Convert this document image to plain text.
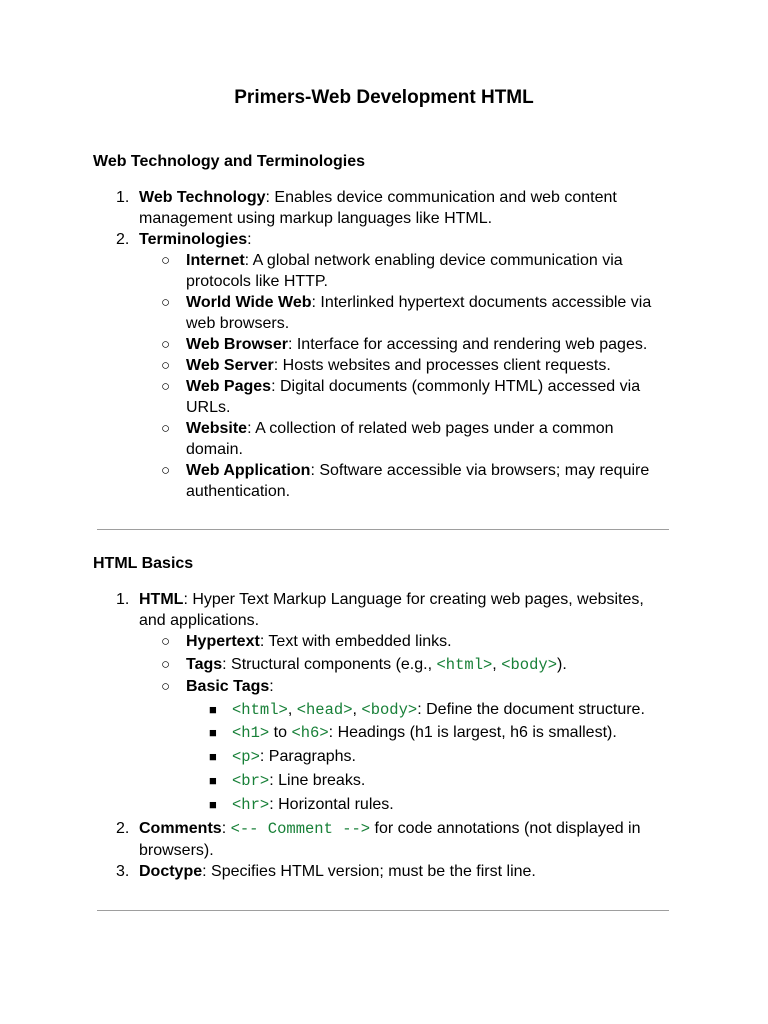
Primers-Web Development HTML
Web Technology and Terminologies
1. Web Technology: Enables device communication and web content
management using markup languages like HTML.
2. Terminologies:
○ Internet: A global network enabling device communication via
protocols like HTTP.
○ World Wide Web: Interlinked hypertext documents accessible via
web browsers.
○ Web Browser: Interface for accessing and rendering web pages.
○ Web Server: Hosts websites and processes client requests.
○ Web Pages: Digital documents (commonly HTML) accessed via
URLs.
○ Website: A collection of related web pages under a common
domain.
○ Web Application: Software accessible via browsers; may require
authentication.
HTML Basics
1. HTML: Hyper Text Markup Language for creating web pages, websites,
and applications.
○ Hypertext: Text with embedded links.
○ Tags: Structural components (e.g., <html>, <body>).
○ Basic Tags:
■ <html>, <head>, <body>: Define the document structure.
■ <h1> to <h6>: Headings (h1 is largest, h6 is smallest).
■ <p>: Paragraphs.
■ <br>: Line breaks.
■ <hr>: Horizontal rules.
2. Comments: <-- Comment --> for code annotations (not displayed in
browsers).
3. Doctype: Specifies HTML version; must be the first line.
